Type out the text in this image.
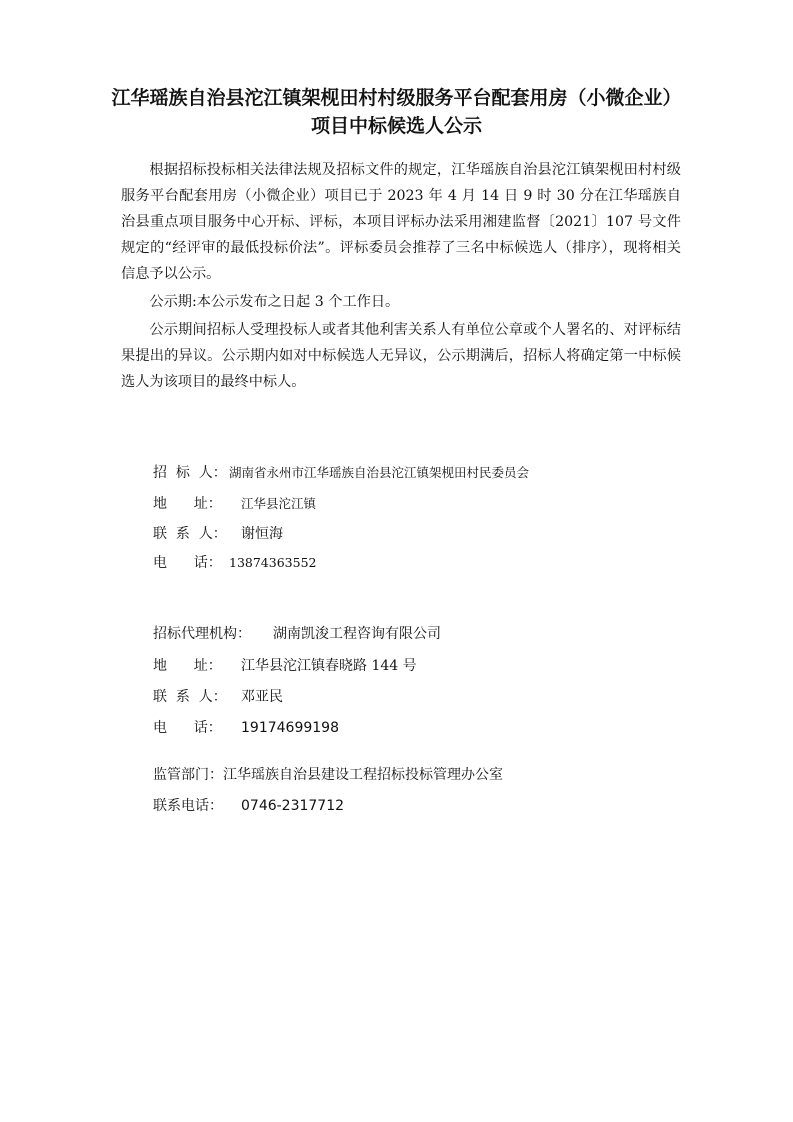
江华瑶族自治县沱江镇架枧田村村级服务平台配套用房（小微企业）
项目中标候选人公示

根据招标投标相关法律法规及招标文件的规定，江华瑶族自治县沱江镇架枧田村村级服务平台配套用房（小微企业）项目已于 2023 年 4 月 14 日 9 时 30 分在江华瑶族自治县重点项目服务中心开标、评标，本项目评标办法采用湘建监督〔2021〕107 号文件规定的“经评审的最低投标价法”。评标委员会推荐了三名中标候选人（排序），现将相关信息予以公示。

公示期:本公示发布之日起 3 个工作日。

公示期间招标人受理投标人或者其他利害关系人有单位公章或个人署名的、对评标结果提出的异议。公示期内如对中标候选人无异议，公示期满后，招标人将确定第一中标候选人为该项目的最终中标人。

招  标  人： 湖南省永州市江华瑶族自治县沱江镇架枧田村民委员会
地      址：	江华县沱江镇
联  系  人：	谢恒海
电      话： 13874363552
招标代理机构：	湖南凯浚工程咨询有限公司
地      址：	江华县沱江镇春晓路 144 号
联  系  人：	邓亚民
电      话：	19174699198
监管部门： 江华瑶族自治县建设工程招标投标管理办公室
联系电话：	0746-2317712
